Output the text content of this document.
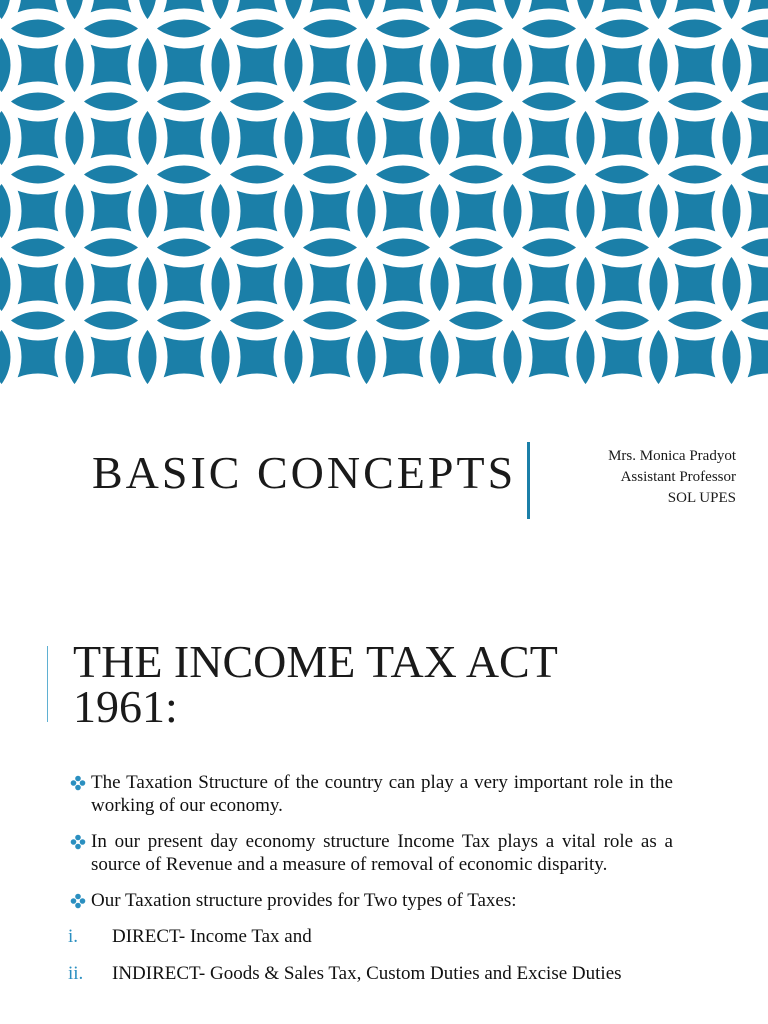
BASIC CONCEPTS	Mrs. Monica Pradyot
Assistant Professor
SOL UPES
THE INCOME TAX ACT
1961:
The Taxation Structure of the country can play a very important role in the working of our economy.
In our present day economy structure Income Tax plays a vital role as a source of Revenue and a measure of removal of economic disparity.
Our Taxation structure provides for Two types of Taxes:
i. DIRECT- Income Tax and
ii. INDIRECT- Goods & Sales Tax, Custom Duties and Excise Duties
